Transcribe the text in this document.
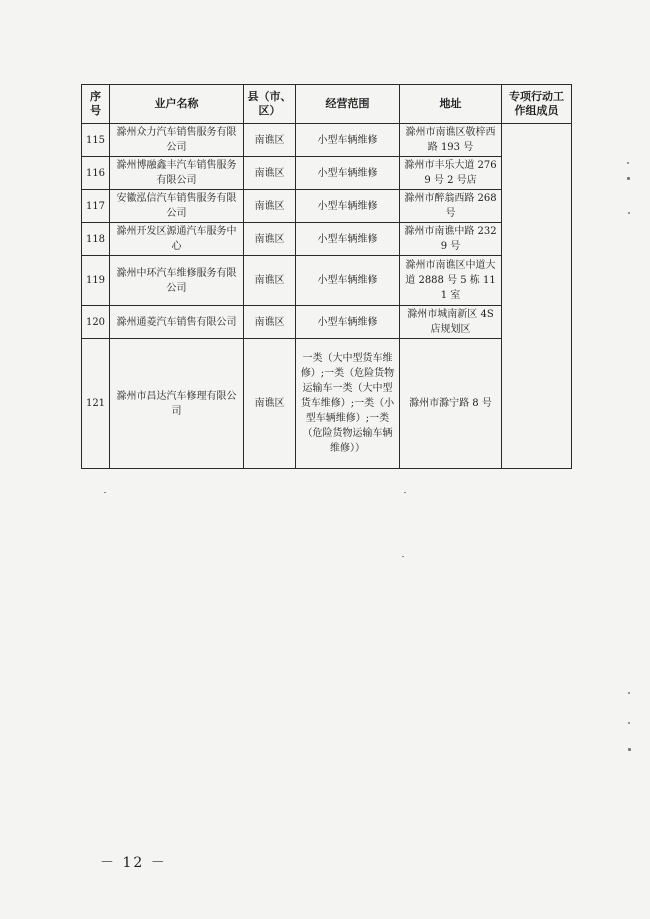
序号	业户名称	县（市、区）	经营范围	地址	专项行动工作组成员
115	滁州众力汽车销售服务有限公司	南谯区	小型车辆维修	滁州市南谯区敬梓西路 193 号	
116	滁州博融鑫丰汽车销售服务有限公司	南谯区	小型车辆维修	滁州市丰乐大道 2769 号 2 号店	
117	安徽泓信汽车销售服务有限公司	南谯区	小型车辆维修	滁州市醉翁西路 268 号	
118	滁州开发区源通汽车服务中心	南谯区	小型车辆维修	滁州市南谯中路 2329 号	
119	滁州中环汽车维修服务有限公司	南谯区	小型车辆维修	滁州市南谯区中道大道 2888 号 5 栋 111 室	
120	滁州通菱汽车销售有限公司	南谯区	小型车辆维修	滁州市城南新区 4S 店规划区	
121	滁州市昌达汽车修理有限公司	南谯区	一类（大中型货车维修）;一类（危险货物运输车一类（大中型货车维修）;一类（小型车辆维修）;一类（危险货物运输车辆维修））	滁州市滁宁路 8 号	
－ 12 －
